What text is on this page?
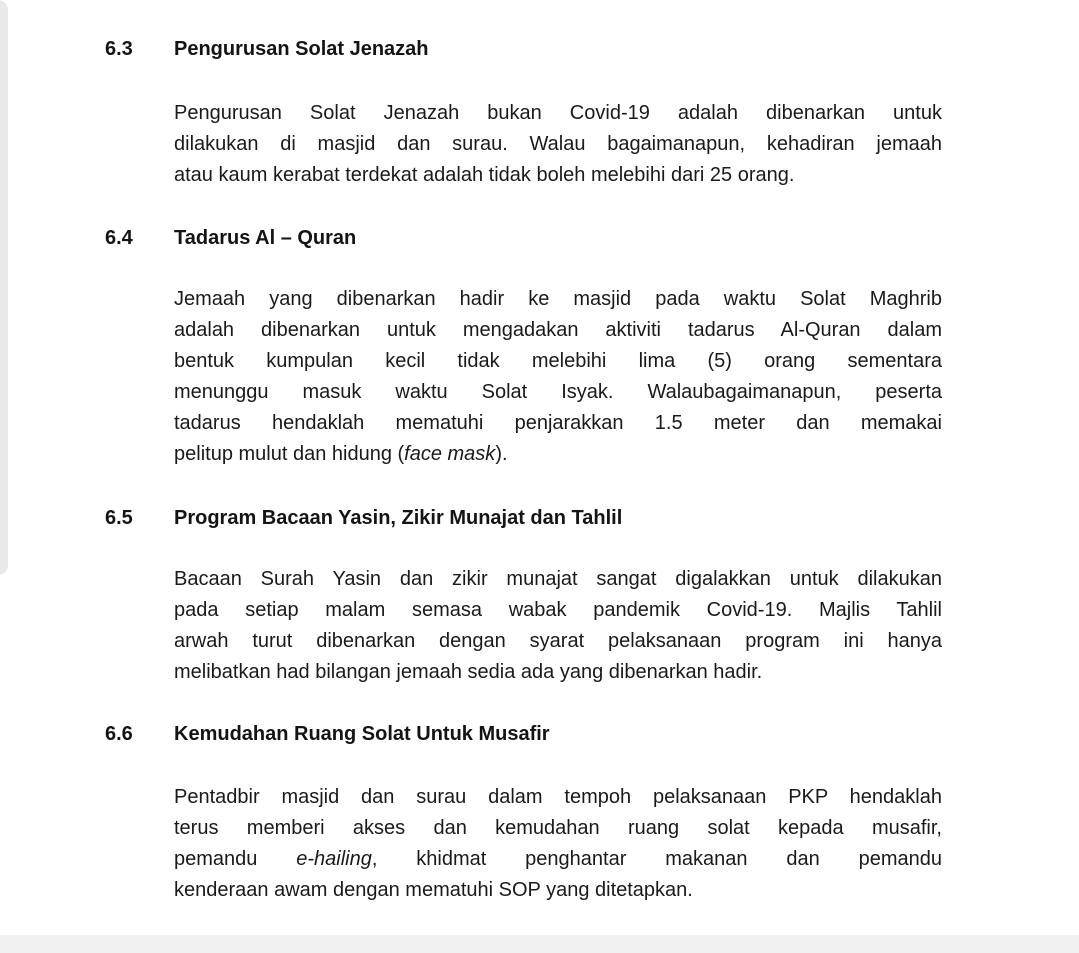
6.3 Pengurusan Solat Jenazah
Pengurusan Solat Jenazah bukan Covid-19 adalah dibenarkan untuk
dilakukan di masjid dan surau. Walau bagaimanapun, kehadiran jemaah
atau kaum kerabat terdekat adalah tidak boleh melebihi dari 25 orang.
6.4 Tadarus Al – Quran
Jemaah yang dibenarkan hadir ke masjid pada waktu Solat Maghrib
adalah dibenarkan untuk mengadakan aktiviti tadarus Al-Quran dalam
bentuk kumpulan kecil tidak melebihi lima (5) orang sementara
menunggu masuk waktu Solat Isyak. Walaubagaimanapun, peserta
tadarus hendaklah mematuhi penjarakkan 1.5 meter dan memakai
pelitup mulut dan hidung (face mask).
6.5 Program Bacaan Yasin, Zikir Munajat dan Tahlil
Bacaan Surah Yasin dan zikir munajat sangat digalakkan untuk dilakukan
pada setiap malam semasa wabak pandemik Covid-19. Majlis Tahlil
arwah turut dibenarkan dengan syarat pelaksanaan program ini hanya
melibatkan had bilangan jemaah sedia ada yang dibenarkan hadir.
6.6 Kemudahan Ruang Solat Untuk Musafir
Pentadbir masjid dan surau dalam tempoh pelaksanaan PKP hendaklah
terus memberi akses dan kemudahan ruang solat kepada musafir,
pemandu e-hailing, khidmat penghantar makanan dan pemandu
kenderaan awam dengan mematuhi SOP yang ditetapkan.
